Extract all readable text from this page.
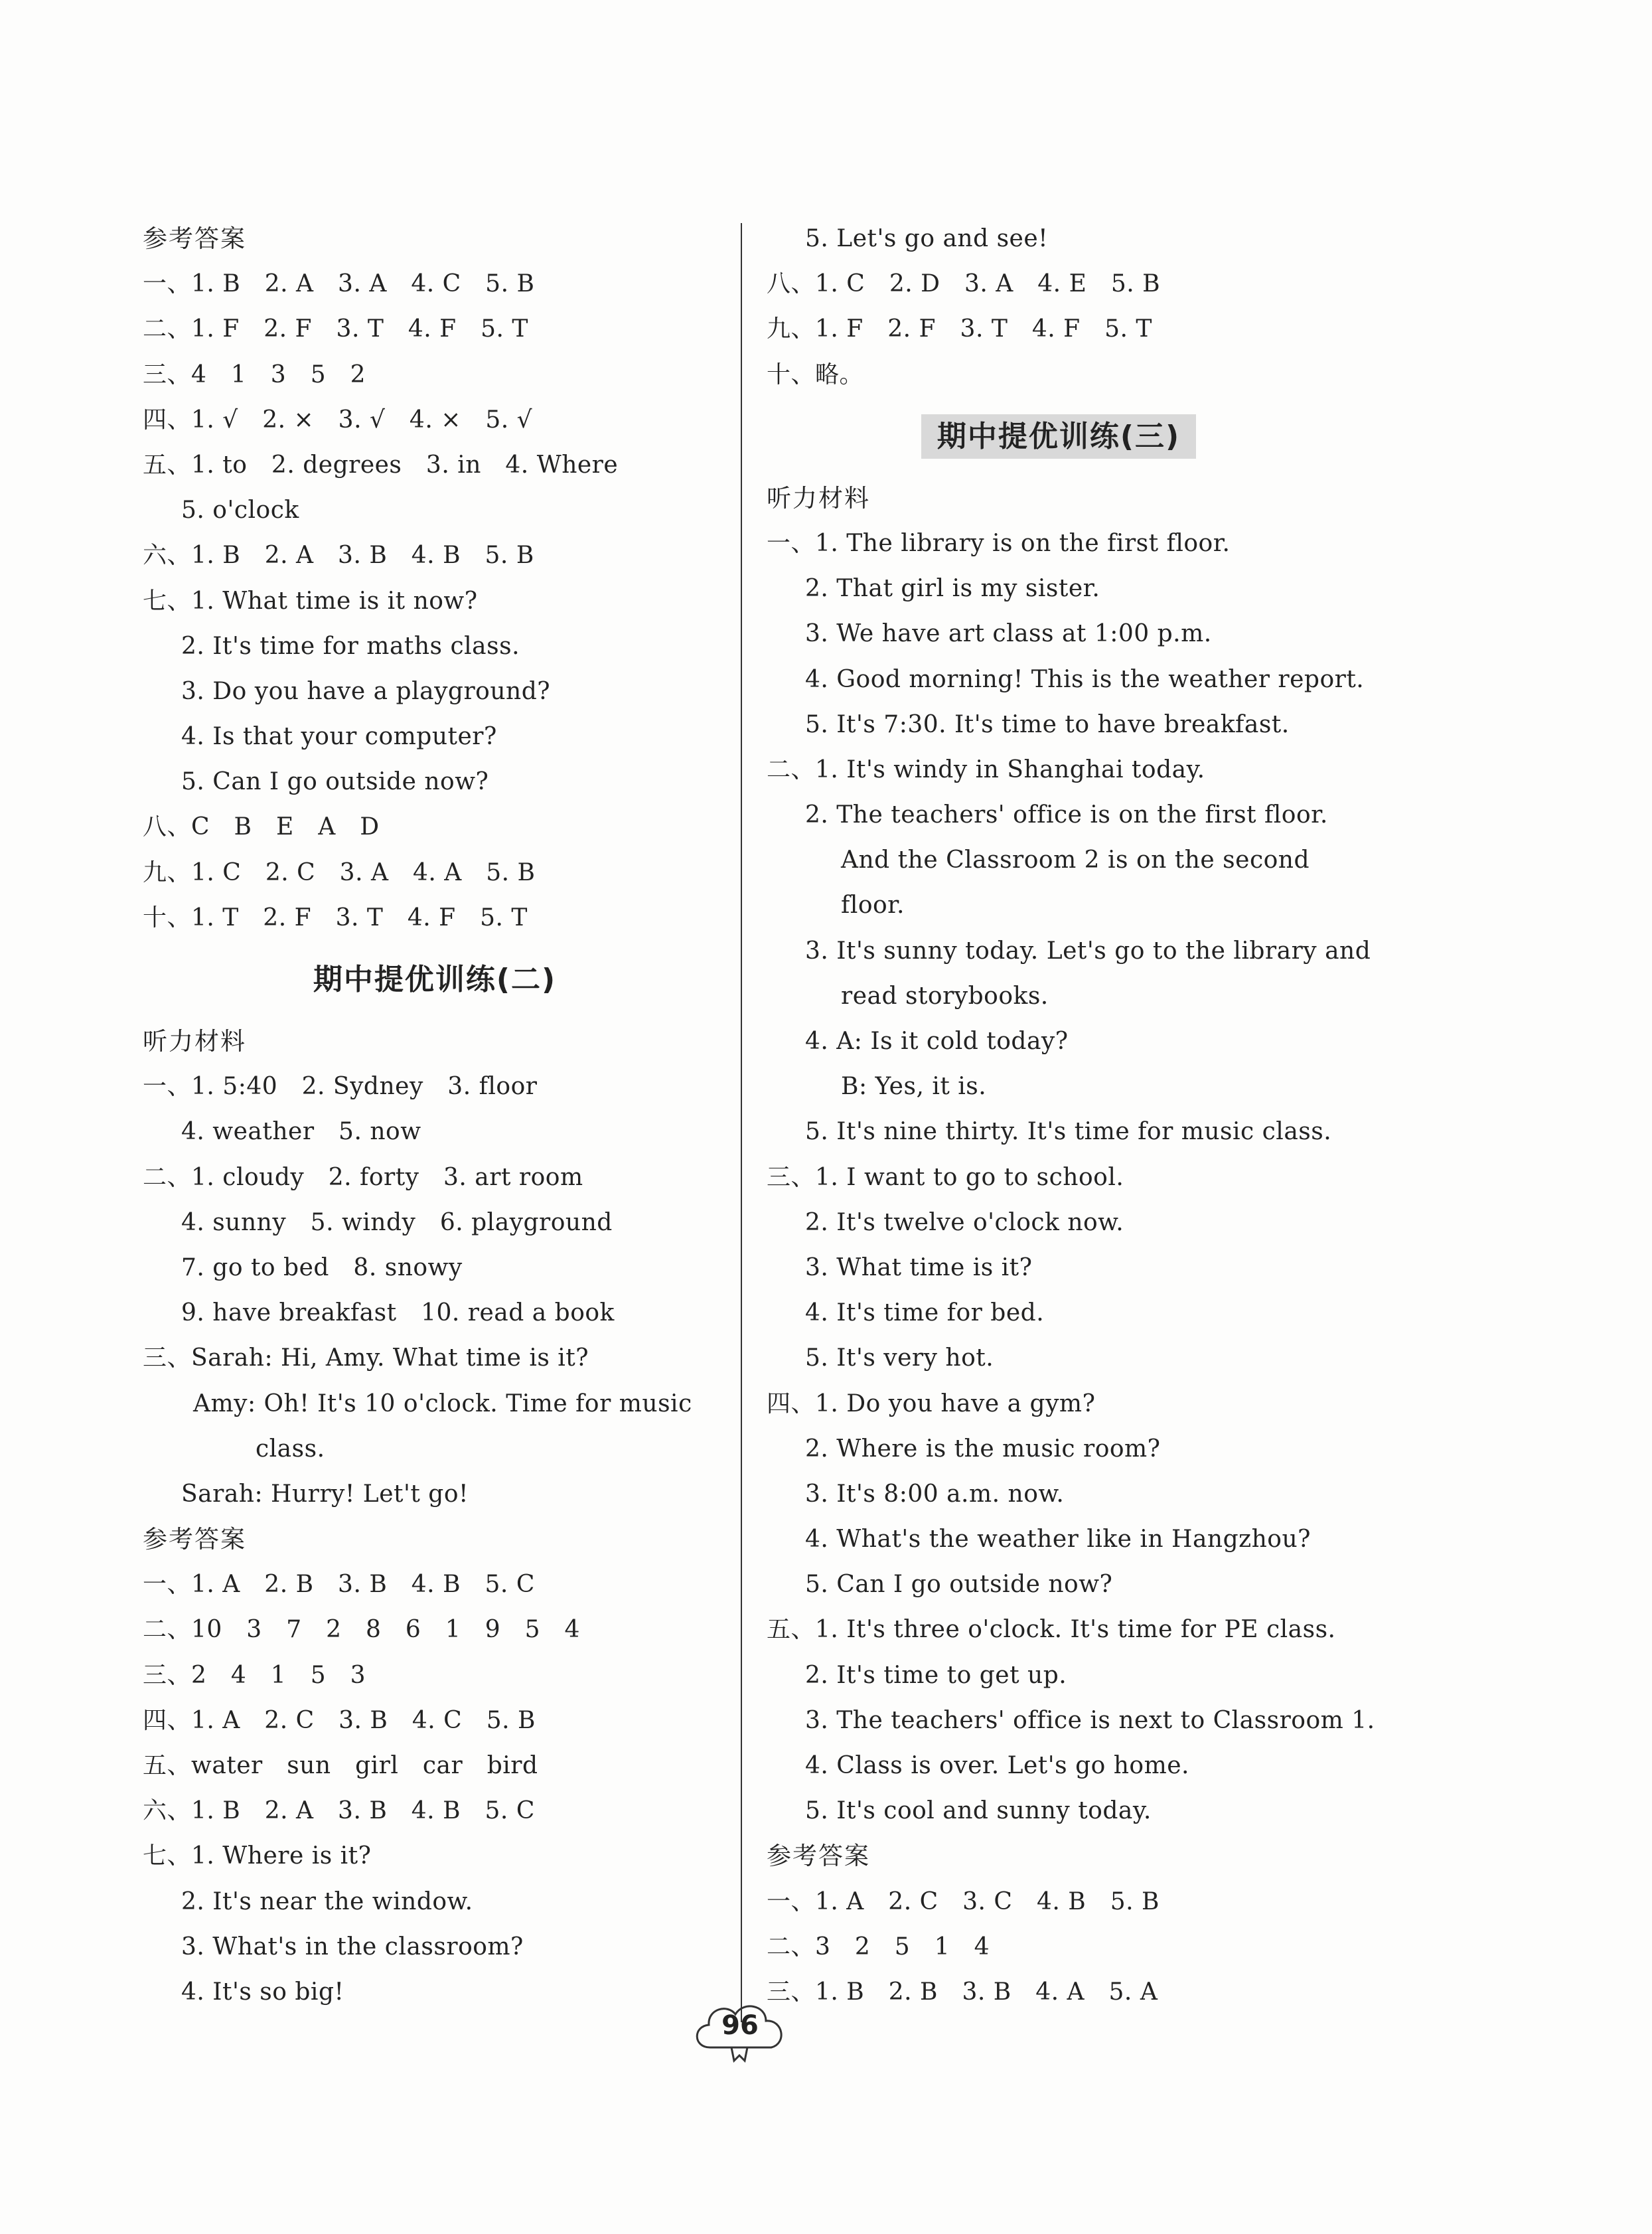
参考答案
一、1. B　2. A　3. A　4. C　5. B
二、1. F　2. F　3. T　4. F　5. T
三、4　1　3　5　2
四、1. √　2. ×　3. √　4. ×　5. √
五、1. to　2. degrees　3. in　4. Where
5. o'clock
六、1. B　2. A　3. B　4. B　5. B
七、1. What time is it now?
2. It's time for maths class.
3. Do you have a playground?
4. Is that your computer?
5. Can I go outside now?
八、C　B　E　A　D
九、1. C　2. C　3. A　4. A　5. B
十、1. T　2. F　3. T　4. F　5. T
期中提优训练(二)
听力材料
一、1. 5:40　2. Sydney　3. floor
4. weather　5. now
二、1. cloudy　2. forty　3. art room
4. sunny　5. windy　6. playground
7. go to bed　8. snowy
9. have breakfast　10. read a book
三、Sarah: Hi, Amy. What time is it?
Amy: Oh! It's 10 o'clock. Time for music
class.
Sarah: Hurry! Let't go!
参考答案
一、1. A　2. B　3. B　4. B　5. C
二、10　3　7　2　8　6　1　9　5　4
三、2　4　1　5　3
四、1. A　2. C　3. B　4. C　5. B
五、water　sun　girl　car　bird
六、1. B　2. A　3. B　4. B　5. C
七、1. Where is it?
2. It's near the window.
3. What's in the classroom?
4. It's so big!
5. Let's go and see!
八、1. C　2. D　3. A　4. E　5. B
九、1. F　2. F　3. T　4. F　5. T
十、略。
期中提优训练(三)
听力材料
一、1. The library is on the first floor.
2. That girl is my sister.
3. We have art class at 1:00 p.m.
4. Good morning! This is the weather report.
5. It's 7:30. It's time to have breakfast.
二、1. It's windy in Shanghai today.
2. The teachers' office is on the first floor.
And the Classroom 2 is on the second
floor.
3. It's sunny today. Let's go to the library and
read storybooks.
4. A: Is it cold today?
B: Yes, it is.
5. It's nine thirty. It's time for music class.
三、1. I want to go to school.
2. It's twelve o'clock now.
3. What time is it?
4. It's time for bed.
5. It's very hot.
四、1. Do you have a gym?
2. Where is the music room?
3. It's 8:00 a.m. now.
4. What's the weather like in Hangzhou?
5. Can I go outside now?
五、1. It's three o'clock. It's time for PE class.
2. It's time to get up.
3. The teachers' office is next to Classroom 1.
4. Class is over. Let's go home.
5. It's cool and sunny today.
参考答案
一、1. A　2. C　3. C　4. B　5. B
二、3　2　5　1　4
三、1. B　2. B　3. B　4. A　5. A
96
